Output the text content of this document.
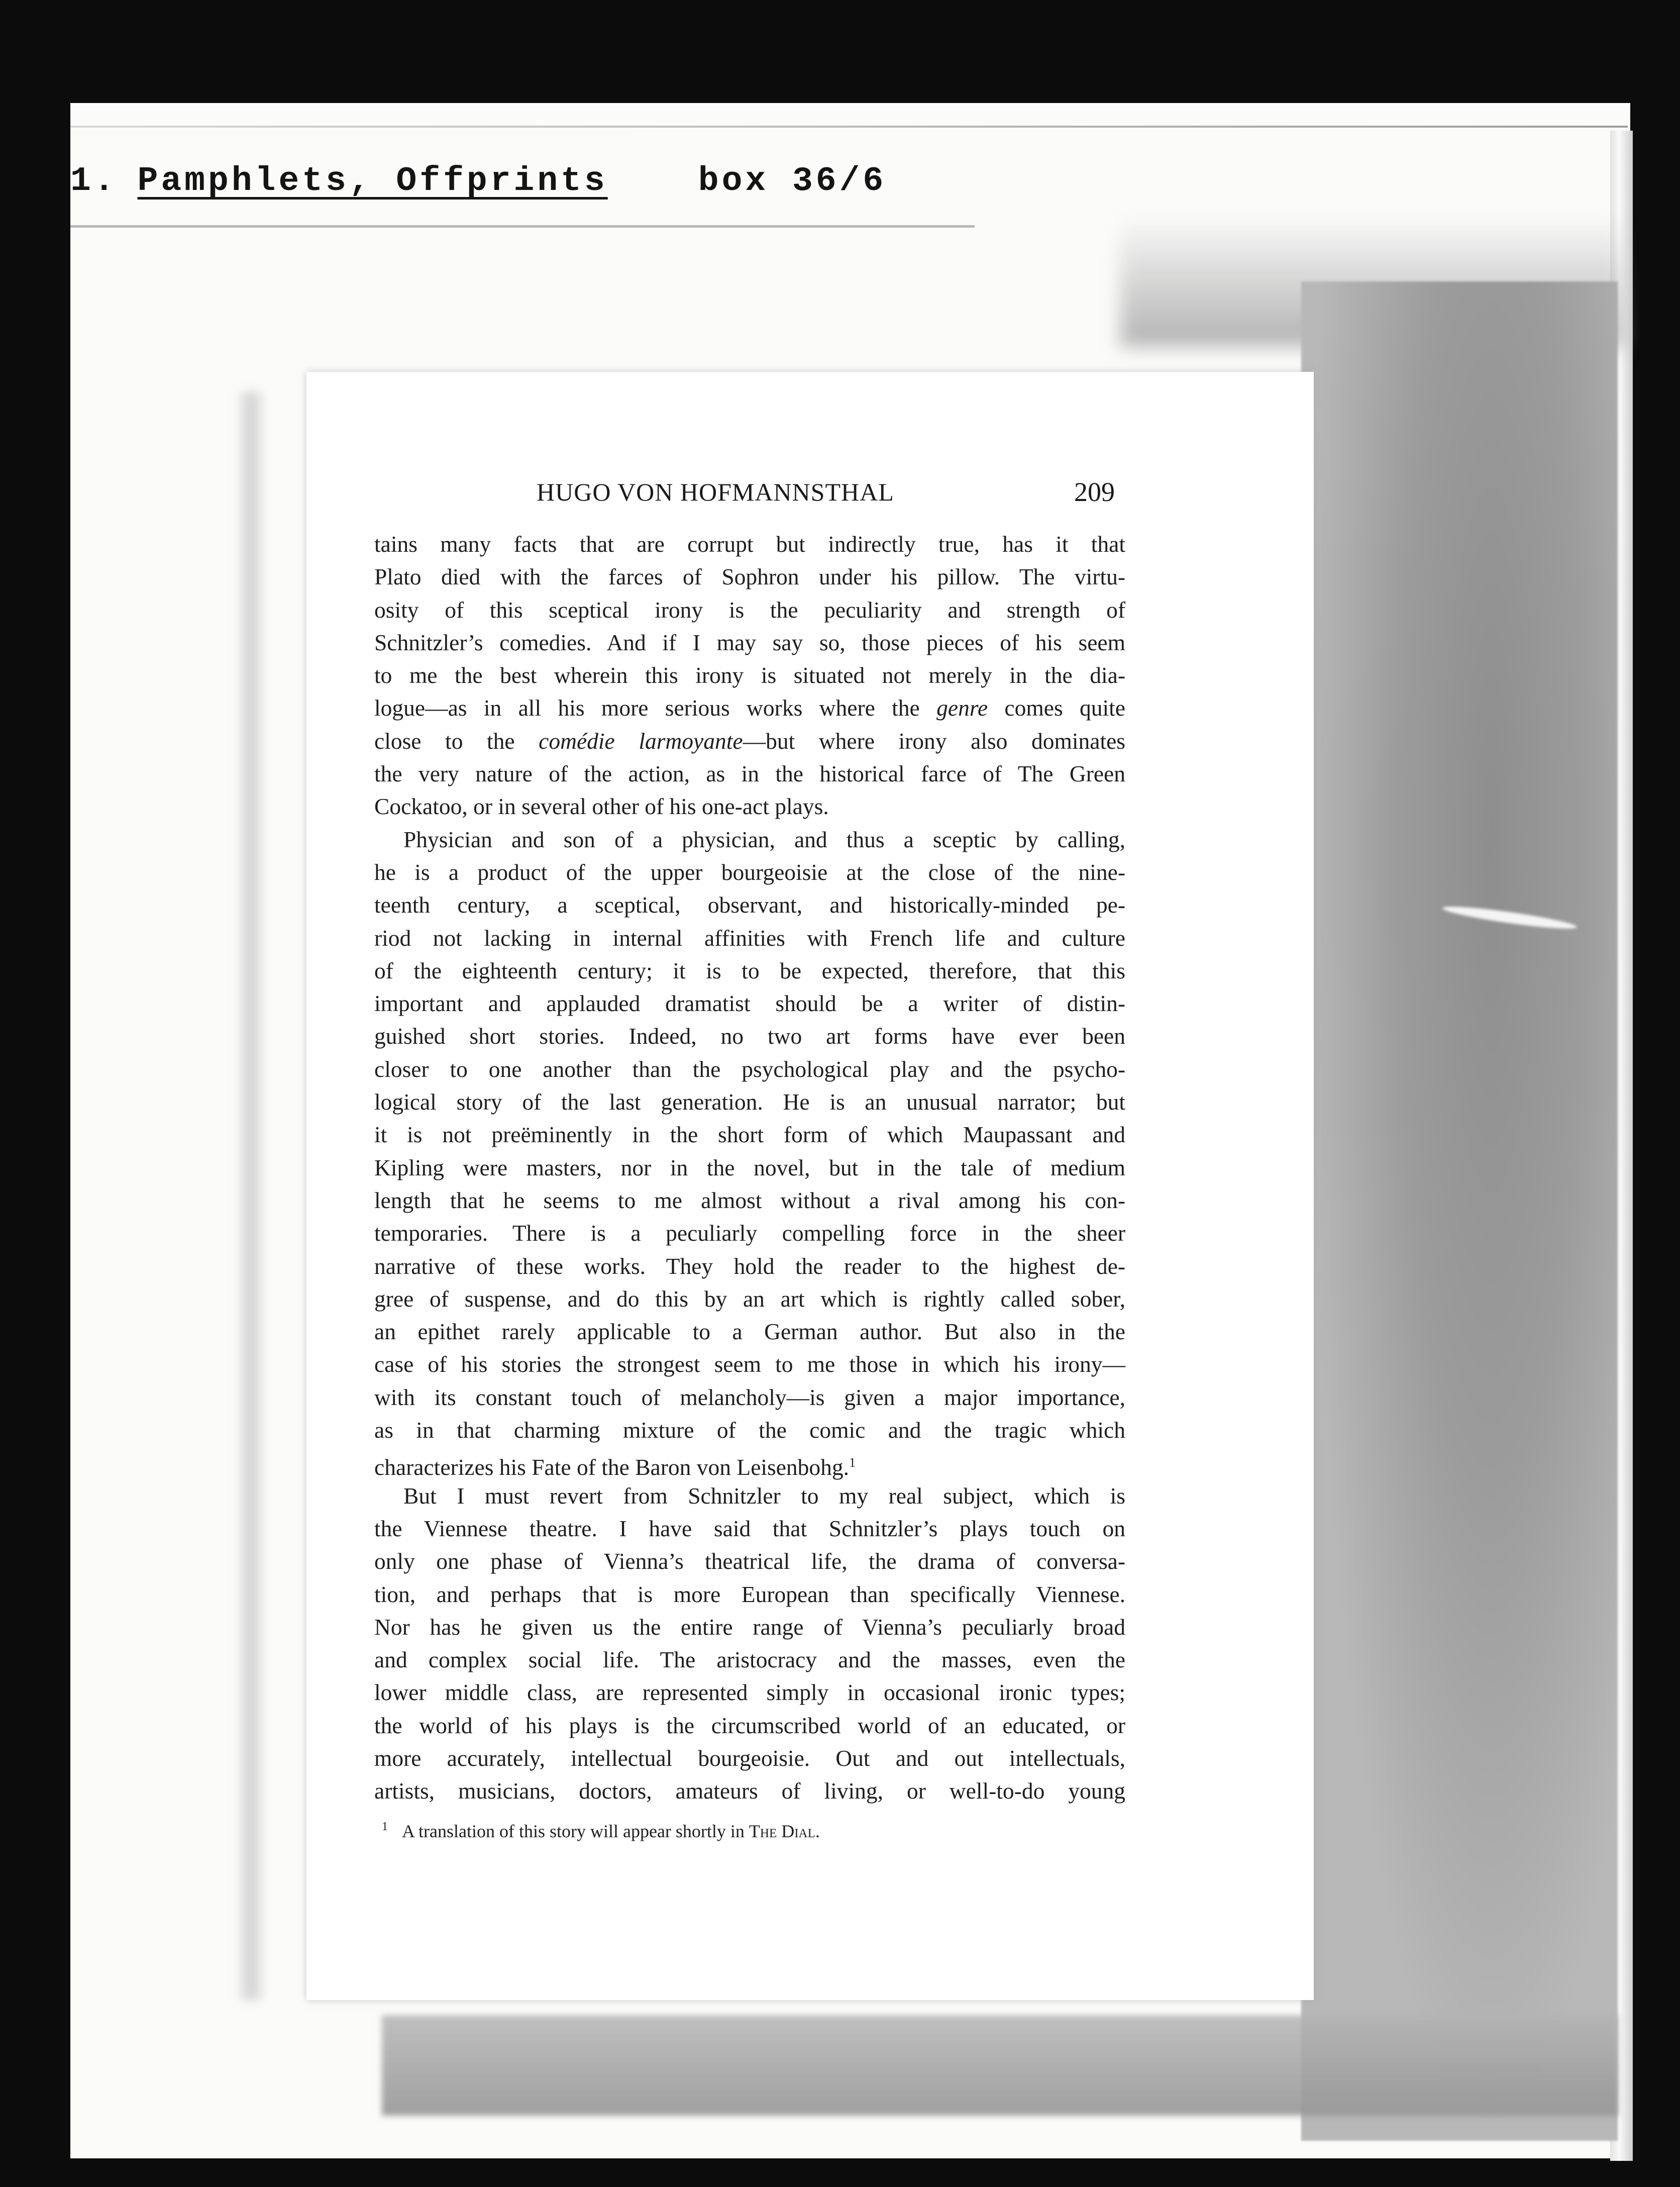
1. Pamphlets, Offprints	box 36/6
HUGO VON HOFMANNSTHAL	209
tains many facts that are corrupt but indirectly true, has it that
Plato died with the farces of Sophron under his pillow. The virtu-
osity of this sceptical irony is the peculiarity and strength of
Schnitzler’s comedies. And if I may say so, those pieces of his seem
to me the best wherein this irony is situated not merely in the dia-
logue—as in all his more serious works where the genre comes quite
close to the comédie larmoyante—but where irony also dominates
the very nature of the action, as in the historical farce of The Green
Cockatoo, or in several other of his one-act plays.
Physician and son of a physician, and thus a sceptic by calling,
he is a product of the upper bourgeoisie at the close of the nine-
teenth century, a sceptical, observant, and historically-minded pe-
riod not lacking in internal affinities with French life and culture
of the eighteenth century; it is to be expected, therefore, that this
important and applauded dramatist should be a writer of distin-
guished short stories. Indeed, no two art forms have ever been
closer to one another than the psychological play and the psycho-
logical story of the last generation. He is an unusual narrator; but
it is not preëminently in the short form of which Maupassant and
Kipling were masters, nor in the novel, but in the tale of medium
length that he seems to me almost without a rival among his con-
temporaries. There is a peculiarly compelling force in the sheer
narrative of these works. They hold the reader to the highest de-
gree of suspense, and do this by an art which is rightly called sober,
an epithet rarely applicable to a German author. But also in the
case of his stories the strongest seem to me those in which his irony—
with its constant touch of melancholy—is given a major importance,
as in that charming mixture of the comic and the tragic which
characterizes his Fate of the Baron von Leisenbohg.$^1$
But I must revert from Schnitzler to my real subject, which is
the Viennese theatre. I have said that Schnitzler’s plays touch on
only one phase of Vienna’s theatrical life, the drama of conversa-
tion, and perhaps that is more European than specifically Viennese.
Nor has he given us the entire range of Vienna’s peculiarly broad
and complex social life. The aristocracy and the masses, even the
lower middle class, are represented simply in occasional ironic types;
the world of his plays is the circumscribed world of an educated, or
more accurately, intellectual bourgeoisie. Out and out intellectuals,
artists, musicians, doctors, amateurs of living, or well-to-do young
$^1$ A translation of this story will appear shortly in The Dial.
